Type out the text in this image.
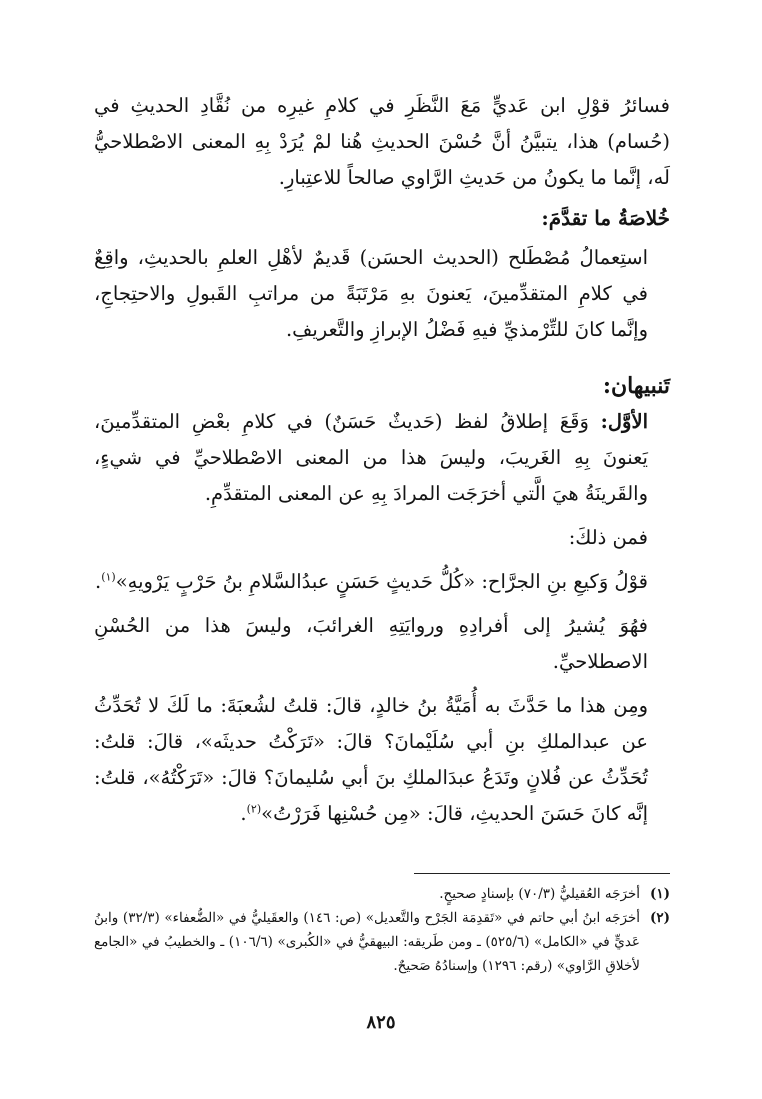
فسائرُ قوْلِ ابن عَديٍّ مَعَ النَّظَرِ في كلامِ غيرِه من نُقَّادِ الحديثِ في (حُسام) هذا، يتبيَّنُ أنَّ حُسْنَ الحديثِ هُنا لمْ يُرَدْ بِهِ المعنى الاصْطلاحيُّ لَه، إنَّما ما يكونُ من حَديثِ الرَّاوي صالحاً للاعتِبارِ.

خُلاصَةُ ما تقدَّمَ:

استِعمالُ مُصْطَلح (الحديث الحسَن) قَديمٌ لأهْلِ العلمِ بالحديثِ، واقِعٌ في كلامِ المتقدِّمينَ، يَعنونَ بهِ مَرْتَبَةً من مراتبِ القَبولِ والاحتِجاجِ، وإنَّما كانَ للتِّرْمذيِّ فيهِ فَضْلُ الإبرازِ والتَّعريفِ.

تَنبيهان:

الأوَّل: وَقَعَ إطلاقُ لفظ (حَديثٌ حَسَنٌ) في كلامِ بعْضِ المتقدِّمينَ، يَعنونَ بِهِ الغَريبَ، وليسَ هذا من المعنى الاصْطلاحيِّ في شيءٍ، والقَرينَةُ هيَ الَّتي أخرَجَت المرادَ بِهِ عن المعنى المتقدِّمِ.

فمن ذلكَ:

قوْلُ وَكيعِ بنِ الجرَّاح: «كُلُّ حَديثٍ حَسَنٍ عبدُالسَّلامِ بنُ حَرْبٍ يَرْويهِ»$^{(١)}$.

فهُوَ يُشيرُ إلى أفرادِهِ وروايَتِهِ الغرائبَ، وليسَ هذا من الحُسْنِ الاصطلاحيِّ.

ومِن هذا ما حَدَّثَ به أُمَيَّةُ بنُ خالدٍ، قالَ: قلتُ لشُعبَةَ: ما لَكَ لا تُحَدِّثُ عن عبدالملكِ بنِ أبي سُلَيْمانَ؟ قالَ: «تَرَكْتُ حديثَه»، قالَ: قلتُ: تُحَدِّثُ عن فُلانٍ وتَدَعُ عبدَالملكِ بنَ أبي سُليمانَ؟ قالَ: «تَرَكْتُهُ»، قلتُ: إنَّه كانَ حَسَنَ الحديثِ، قالَ: «مِن حُسْنِها فَرَرْتُ»$^{(٢)}$.

(١)
أخرَجَه العُقيليُّ (٧٠/٣) بإسنادٍ صحيحٍ.
(٢)
أخرَجَه ابنُ أبي حاتم في «تَقدِمَة الجَرْح والتَّعديل» (ص: ١٤٦) والعقَيليُّ في «الضُّعفاء» (٣٢/٣) وابنُ عَديٍّ في «الكامل» (٥٢٥/٦) ـ ومن طَريقه: البيهقيُّ في «الكُبرى» (١٠٦/٦) ـ والخطيبُ في «الجامع لأخلاقِ الرَّاوي» (رقم: ١٢٩٦) وإسنادُهُ صَحيحٌ.
٨٢٥
